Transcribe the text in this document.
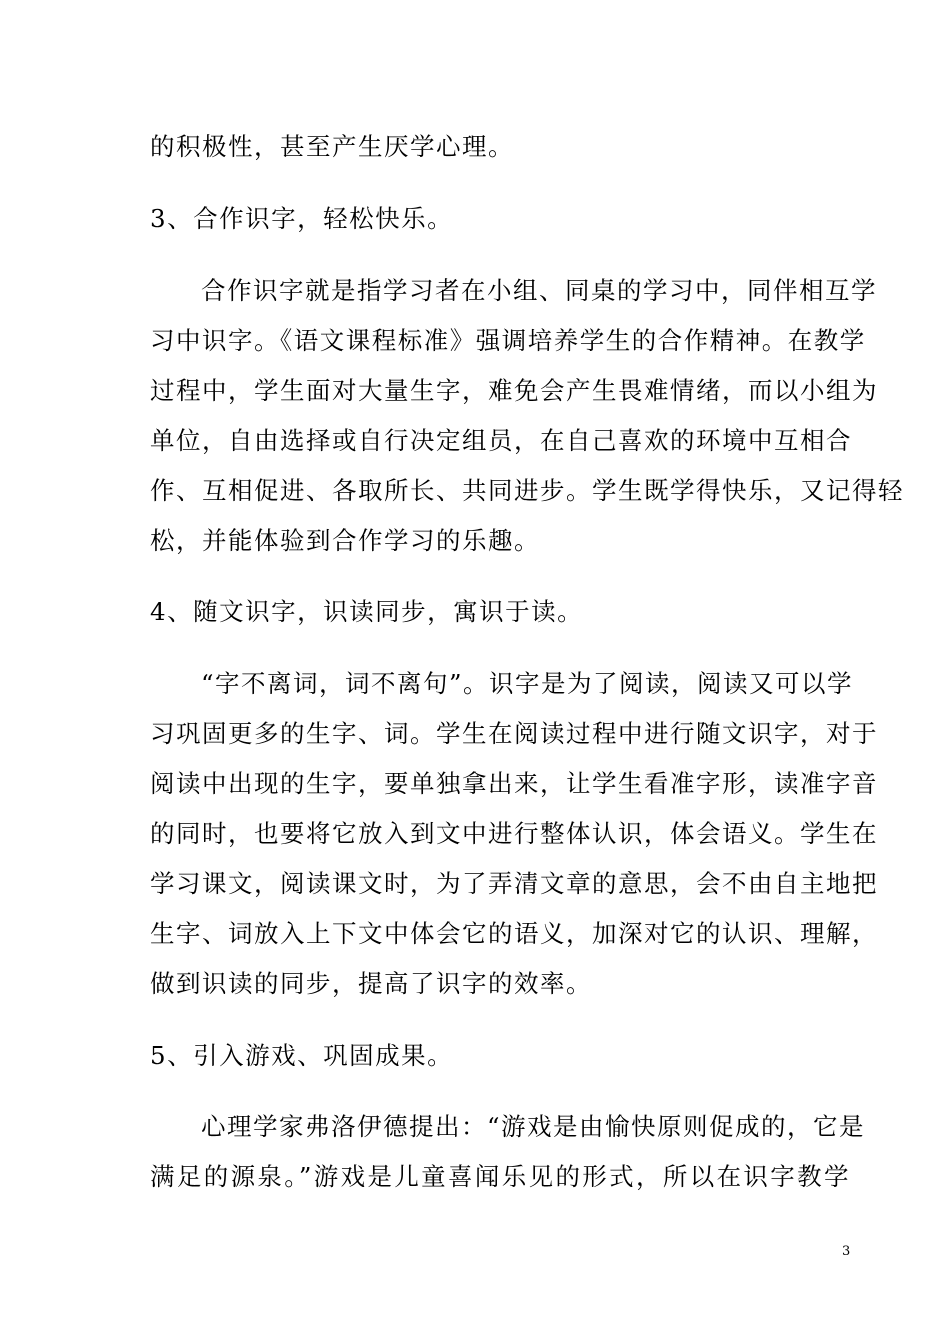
的积极性，甚至产生厌学心理。
3、合作识字，轻松快乐。
合作识字就是指学习者在小组、同桌的学习中，同伴相互学
习中识字。《语文课程标准》强调培养学生的合作精神。在教学
过程中，学生面对大量生字，难免会产生畏难情绪，而以小组为
单位，自由选择或自行决定组员，在自己喜欢的环境中互相合
作、互相促进、各取所长、共同进步。学生既学得快乐，又记得轻
松，并能体验到合作学习的乐趣。
4、随文识字，识读同步，寓识于读。
“字不离词，词不离句”。识字是为了阅读，阅读又可以学
习巩固更多的生字、词。学生在阅读过程中进行随文识字，对于
阅读中出现的生字，要单独拿出来，让学生看准字形，读准字音
的同时，也要将它放入到文中进行整体认识，体会语义。学生在
学习课文，阅读课文时，为了弄清文章的意思，会不由自主地把
生字、词放入上下文中体会它的语义，加深对它的认识、理解，
做到识读的同步，提高了识字的效率。
5、引入游戏、巩固成果。
心理学家弗洛伊德提出：“游戏是由愉快原则促成的，它是
满足的源泉。”游戏是儿童喜闻乐见的形式，所以在识字教学
3
